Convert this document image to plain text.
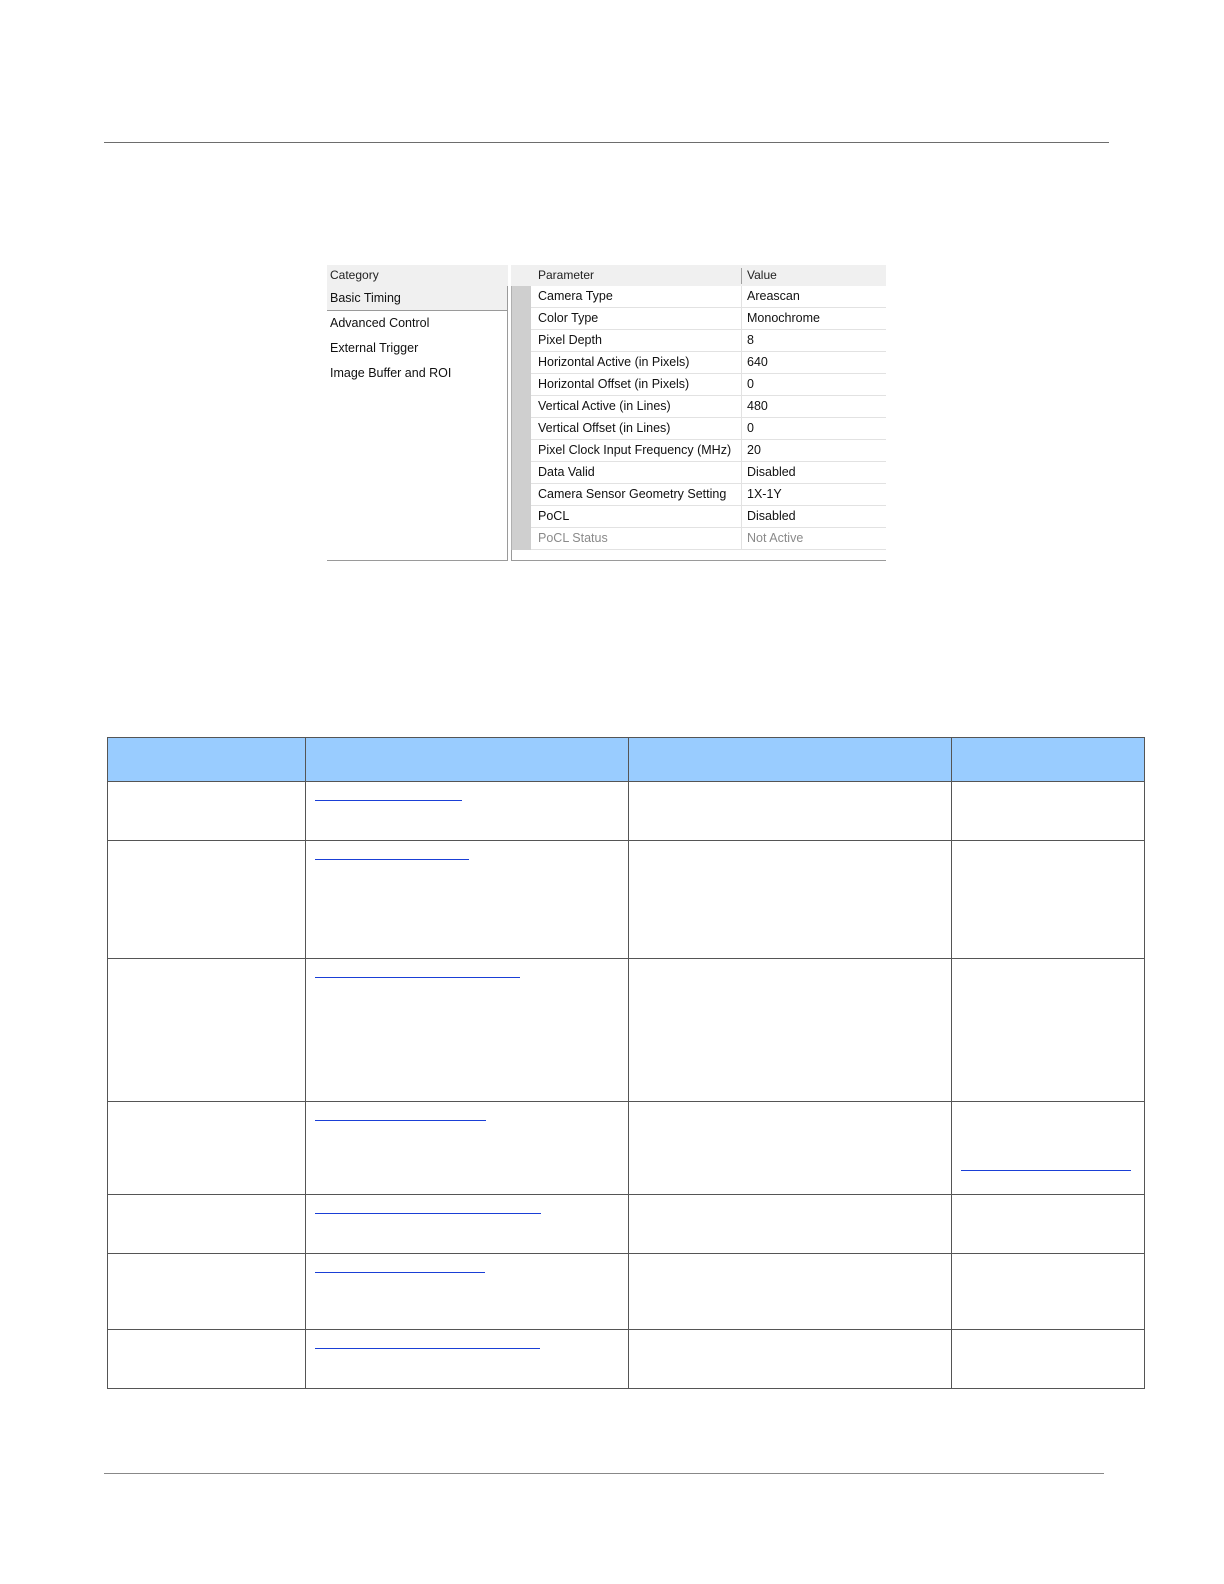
Category
Basic Timing
Advanced Control
External Trigger
Image Buffer and ROI
Parameter	Value
Camera Type	Areascan
Color Type	Monochrome
Pixel Depth	8
Horizontal Active (in Pixels)	640
Horizontal Offset (in Pixels)	0
Vertical Active (in Lines)	480
Vertical Offset (in Lines)	0
Pixel Clock Input Frequency (MHz) 20
Data Valid	Disabled
Camera Sensor Geometry Setting 1X-1Y
PoCL	Disabled
PoCL Status	Not Active
